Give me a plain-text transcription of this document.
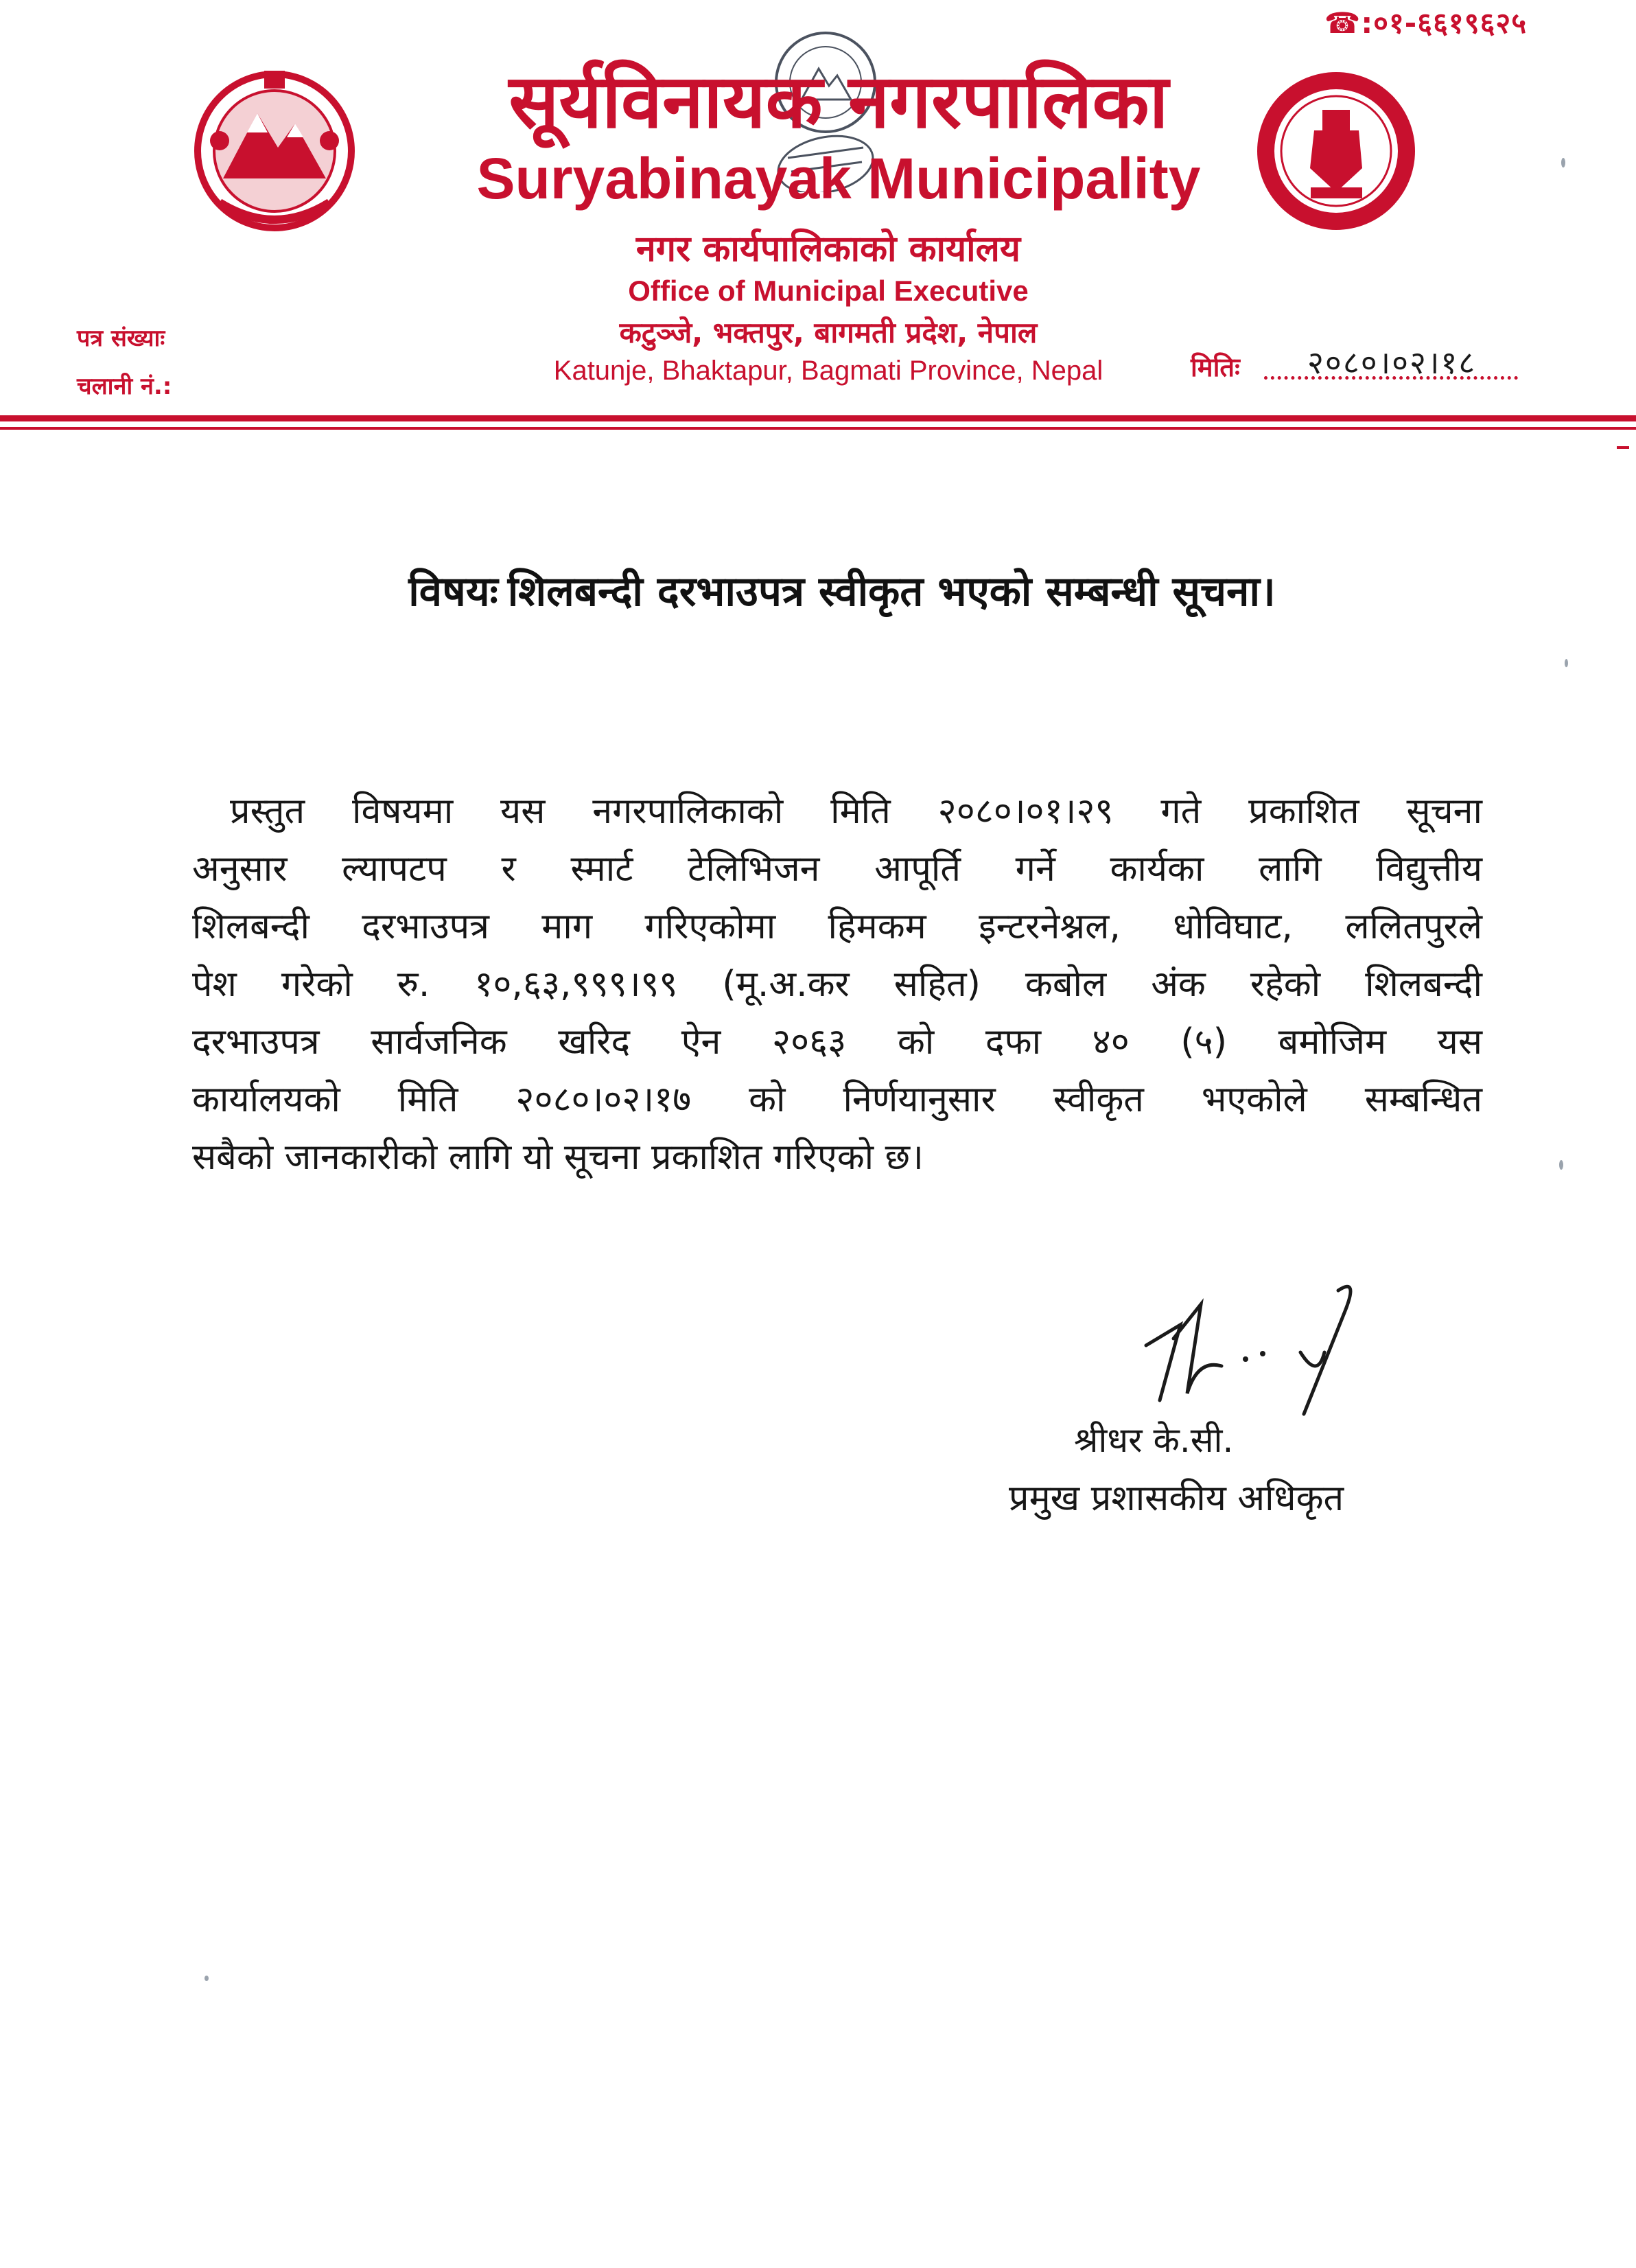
☎:०१-६६१९६२५
सूर्यविनायक नगरपालिका
Suryabinayak Municipality
नगर कार्यपालिकाको कार्यालय
Office of Municipal Executive
कटुञ्जे, भक्तपुर, बागमती प्रदेश, नेपाल
Katunje, Bhaktapur, Bagmati Province, Nepal
पत्र संख्याः
चलानी नं.:
मितिः २०८०।०२।१८
विषयः शिलबन्दी दरभाउपत्र स्वीकृत भएको सम्बन्धी सूचना।
प्रस्तुत विषयमा यस नगरपालिकाको मिति २०८०।०१।२९ गते प्रकाशित सूचना
अनुसार ल्यापटप र स्मार्ट टेलिभिजन आपूर्ति गर्ने कार्यका लागि विद्युत्तीय
शिलबन्दी दरभाउपत्र माग गरिएकोमा हिमकम इन्टरनेश्नल, धोविघाट, ललितपुरले
पेश गरेको रु. १०,६३,९९९।९९ (मू.अ.कर सहित) कबोल अंक रहेको शिलबन्दी
दरभाउपत्र सार्वजनिक खरिद ऐन २०६३ को दफा ४० (५) बमोजिम यस
कार्यालयको मिति २०८०।०२।१७ को निर्णयानुसार स्वीकृत भएकोले सम्बन्धित
सबैको जानकारीको लागि यो सूचना प्रकाशित गरिएको छ।
श्रीधर के.सी.
प्रमुख प्रशासकीय अधिकृत
